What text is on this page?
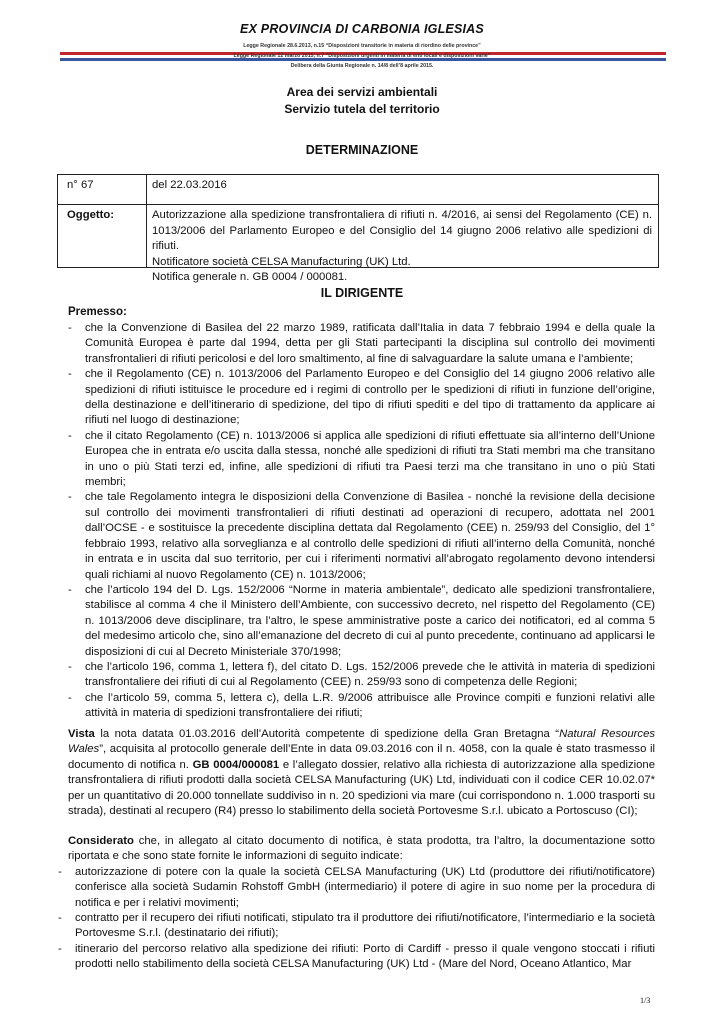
EX PROVINCIA DI CARBONIA IGLESIAS
Legge Regionale 28.6.2013, n.15 “Disposizioni transitorie in materia di riordino delle province”
Legge Regionale 12 marzo 2015, n.7 “Disposizioni urgenti in materia di enti locali e disposizioni varie”
Delibera della Giunta Regionale n. 14/8 dell’8 aprile 2015.
Area dei servizi ambientali
Servizio tutela del territorio
DETERMINAZIONE
n° 67	del 22.03.2016
Oggetto:	Autorizzazione alla spedizione transfrontaliera di rifiuti n. 4/2016, ai sensi del Regolamento (CE) n. 1013/2006 del Parlamento Europeo e del Consiglio del 14 giugno 2006 relativo alle spedizioni di rifiuti.
Notificatore società CELSA Manufacturing (UK) Ltd.
Notifica generale n. GB 0004 / 000081.
IL DIRIGENTE
Premesso:
- che la Convenzione di Basilea del 22 marzo 1989, ratificata dall’Italia in data 7 febbraio 1994 e della quale la Comunità Europea è parte dal 1994, detta per gli Stati partecipanti la disciplina sul controllo dei movimenti transfrontalieri di rifiuti pericolosi e del loro smaltimento, al fine di salvaguardare la salute umana e l’ambiente;
- che il Regolamento (CE) n. 1013/2006 del Parlamento Europeo e del Consiglio del 14 giugno 2006 relativo alle spedizioni di rifiuti istituisce le procedure ed i regimi di controllo per le spedizioni di rifiuti in funzione dell’origine, della destinazione e dell’itinerario di spedizione, del tipo di rifiuti spediti e del tipo di trattamento da applicare ai rifiuti nel luogo di destinazione;
- che il citato Regolamento (CE) n. 1013/2006 si applica alle spedizioni di rifiuti effettuate sia all’interno dell’Unione Europea che in entrata e/o uscita dalla stessa, nonché alle spedizioni di rifiuti tra Stati membri ma che transitano in uno o più Stati terzi ed, infine, alle spedizioni di rifiuti tra Paesi terzi ma che transitano in uno o più Stati membri;
- che tale Regolamento integra le disposizioni della Convenzione di Basilea - nonché la revisione della decisione sul controllo dei movimenti transfrontalieri di rifiuti destinati ad operazioni di recupero, adottata nel 2001 dall’OCSE - e sostituisce la precedente disciplina dettata dal Regolamento (CEE) n. 259/93 del Consiglio, del 1° febbraio 1993, relativo alla sorveglianza e al controllo delle spedizioni di rifiuti all’interno della Comunità, nonché in entrata e in uscita dal suo territorio, per cui i riferimenti normativi all’abrogato regolamento devono intendersi quali richiami al nuovo Regolamento (CE) n. 1013/2006;
- che l’articolo 194 del D. Lgs. 152/2006 “Norme in materia ambientale”, dedicato alle spedizioni transfrontaliere, stabilisce al comma 4 che il Ministero dell’Ambiente, con successivo decreto, nel rispetto del Regolamento (CE) n. 1013/2006 deve disciplinare, tra l’altro, le spese amministrative poste a carico dei notificatori, ed al comma 5 del medesimo articolo che, sino all’emanazione del decreto di cui al punto precedente, continuano ad applicarsi le disposizioni di cui al Decreto Ministeriale 370/1998;
- che l’articolo 196, comma 1, lettera f), del citato D. Lgs. 152/2006 prevede che le attività in materia di spedizioni transfrontaliere dei rifiuti di cui al Regolamento (CEE) n. 259/93 sono di competenza delle Regioni;
- che l’articolo 59, comma 5, lettera c), della L.R. 9/2006 attribuisce alle Province compiti e funzioni relativi alle attività in materia di spedizioni transfrontaliere dei rifiuti;

Vista la nota datata 01.03.2016 dell’Autorità competente di spedizione della Gran Bretagna “Natural Resources Wales”, acquisita al protocollo generale dell’Ente in data 09.03.2016 con il n. 4058, con la quale è stato trasmesso il documento di notifica n. GB 0004/000081 e l’allegato dossier, relativo alla richiesta di autorizzazione alla spedizione transfrontaliera di rifiuti prodotti dalla società CELSA Manufacturing (UK) Ltd, individuati con il codice CER 10.02.07* per un quantitativo di 20.000 tonnellate suddiviso in n. 20 spedizioni via mare (cui corrispondono n. 1.000 trasporti su strada), destinati al recupero (R4) presso lo stabilimento della società Portovesme S.r.l. ubicato a Portoscuso (CI);

Considerato che, in allegato al citato documento di notifica, è stata prodotta, tra l’altro, la documentazione sotto riportata e che sono state fornite le informazioni di seguito indicate:

- autorizzazione di potere con la quale la società CELSA Manufacturing (UK) Ltd (produttore dei rifiuti/notificatore) conferisce alla società Sudamin Rohstoff GmbH (intermediario) il potere di agire in suo nome per la procedura di notifica e per i relativi movimenti;
- contratto per il recupero dei rifiuti notificati, stipulato tra il produttore dei rifiuti/notificatore, l’intermediario e la società Portovesme S.r.l. (destinatario dei rifiuti);
- itinerario del percorso relativo alla spedizione dei rifiuti: Porto di Cardiff - presso il quale vengono stoccati i rifiuti prodotti nello stabilimento della società CELSA Manufacturing (UK) Ltd - (Mare del Nord, Oceano Atlantico, Mar
1/3
